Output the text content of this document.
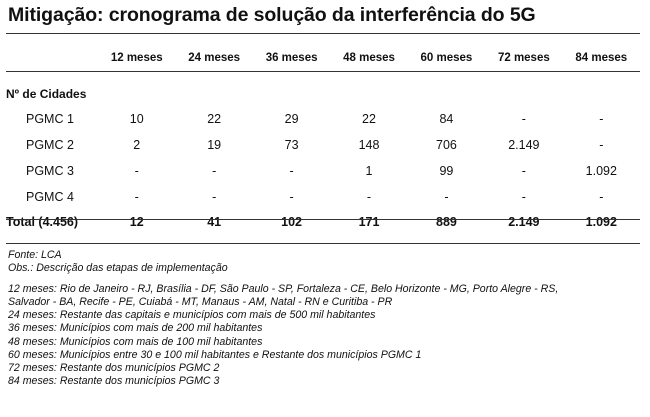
Mitigação: cronograma de solução da interferência do 5G
	12 meses	24 meses	36 meses	48 meses	60 meses	72 meses	84 meses

Nº de Cidades							
PGMC 1	10	22	29	22	84	-	-
PGMC 2	2	19	73	148	706	2.149	-
PGMC 3	-	-	-	1	99	-	1.092
PGMC 4	-	-	-	-	-	-	-
Total (4.456)	12	41	102	171	889	2.149	1.092
Fonte: LCA
Obs.: Descrição das etapas de implementação
12 meses: Rio de Janeiro - RJ, Brasília - DF, São Paulo - SP, Fortaleza - CE, Belo Horizonte - MG, Porto Alegre - RS,
Salvador - BA, Recife - PE, Cuiabá - MT, Manaus - AM, Natal - RN e Curitiba - PR
24 meses: Restante das capitais e municípios com mais de 500 mil habitantes
36 meses: Municípios com mais de 200 mil habitantes
48 meses: Municípios com mais de 100 mil habitantes
60 meses: Municípios entre 30 e 100 mil habitantes e Restante dos municípios PGMC 1
72 meses: Restante dos municípios PGMC 2
84 meses: Restante dos municípios PGMC 3
